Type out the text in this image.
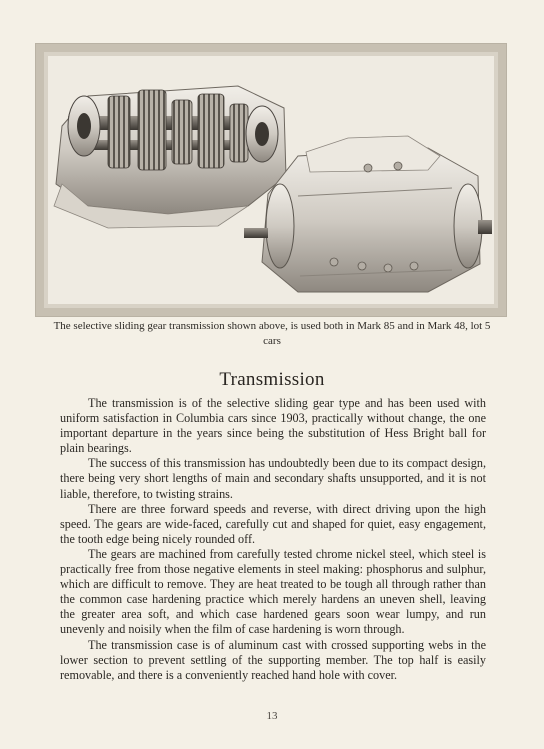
The selective sliding gear transmission shown above, is used both in Mark 85 and in Mark 48, lot 5 cars
Transmission

The transmission is of the selective sliding gear type and has been used with uniform satisfaction in Columbia cars since 1903, practically without change, the one important departure in the years since being the substitution of Hess Bright ball for plain bearings.

The success of this transmission has undoubtedly been due to its compact design, there being very short lengths of main and secondary shafts unsupported, and it is not liable, therefore, to twisting strains.

There are three forward speeds and reverse, with direct driving upon the high speed. The gears are wide-faced, carefully cut and shaped for quiet, easy engagement, the tooth edge being nicely rounded off.

The gears are machined from carefully tested chrome nickel steel, which steel is practically free from those negative elements in steel making: phosphorus and sulphur, which are difficult to remove. They are heat treated to be tough all through rather than the common case hardening practice which merely hardens an uneven shell, leaving the greater area soft, and which case hardened gears soon wear lumpy, and run unevenly and noisily when the film of case hardening is worn through.

The transmission case is of aluminum cast with crossed supporting webs in the lower section to prevent settling of the supporting member. The top half is easily removable, and there is a conveniently reached hand hole with cover.

13
